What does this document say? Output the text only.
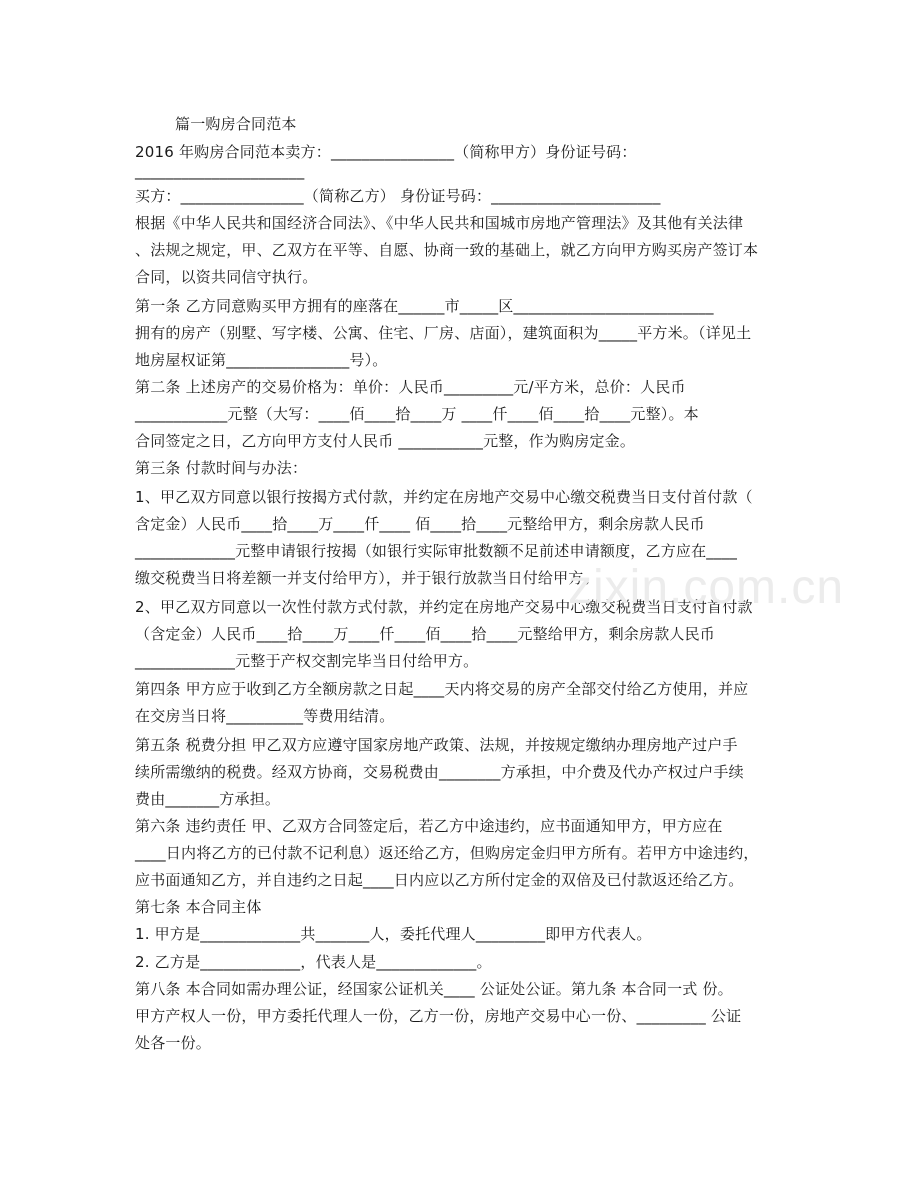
篇一购房合同范本
2016 年购房合同范本卖方：________________（简称甲方）身份证号码：
______________________
买方：________________（简称乙方） 身份证号码：______________________
根据《中华人民共和国经济合同法》、《中华人民共和国城市房地产管理法》及其他有关法律
、法规之规定，甲、乙双方在平等、自愿、协商一致的基础上，就乙方向甲方购买房产签订本
合同，以资共同信守执行。
第一条 乙方同意购买甲方拥有的座落在______市_____区__________________________
拥有的房产（别墅、写字楼、公寓、住宅、厂房、店面），建筑面积为_____平方米。（详见土
地房屋权证第________________号）。
第二条 上述房产的交易价格为：单价：人民币_________元/平方米，总价：人民币
____________元整（大写：____佰____拾____万 ____仟____佰____拾____元整）。本
合同签定之日，乙方向甲方支付人民币 ___________元整，作为购房定金。
第三条 付款时间与办法：
1、甲乙双方同意以银行按揭方式付款，并约定在房地产交易中心缴交税费当日支付首付款（
含定金）人民币____拾____万____仟____ 佰____拾____元整给甲方，剩余房款人民币
_____________元整申请银行按揭（如银行实际审批数额不足前述申请额度，乙方应在____
缴交税费当日将差额一并支付给甲方），并于银行放款当日付给甲方。
2、甲乙双方同意以一次性付款方式付款，并约定在房地产交易中心缴交税费当日支付首付款
（含定金）人民币____拾____万____仟____佰____拾____元整给甲方，剩余房款人民币
_____________元整于产权交割完毕当日付给甲方。
第四条 甲方应于收到乙方全额房款之日起____天内将交易的房产全部交付给乙方使用，并应
在交房当日将__________等费用结清。
第五条 税费分担 甲乙双方应遵守国家房地产政策、法规，并按规定缴纳办理房地产过户手
续所需缴纳的税费。经双方协商，交易税费由________方承担，中介费及代办产权过户手续
费由_______方承担。
第六条 违约责任 甲、乙双方合同签定后，若乙方中途违约，应书面通知甲方，甲方应在
____日内将乙方的已付款不记利息）返还给乙方，但购房定金归甲方所有。若甲方中途违约，
应书面通知乙方，并自违约之日起____日内应以乙方所付定金的双倍及已付款返还给乙方。
第七条 本合同主体
1. 甲方是_____________共_______人，委托代理人_________即甲方代表人。
2. 乙方是_____________，代表人是_____________。
第八条 本合同如需办理公证，经国家公证机关____ 公证处公证。第九条 本合同一式 份。
甲方产权人一份，甲方委托代理人一份，乙方一份，房地产交易中心一份、_________ 公证
处各一份。
zixin.com.cn
